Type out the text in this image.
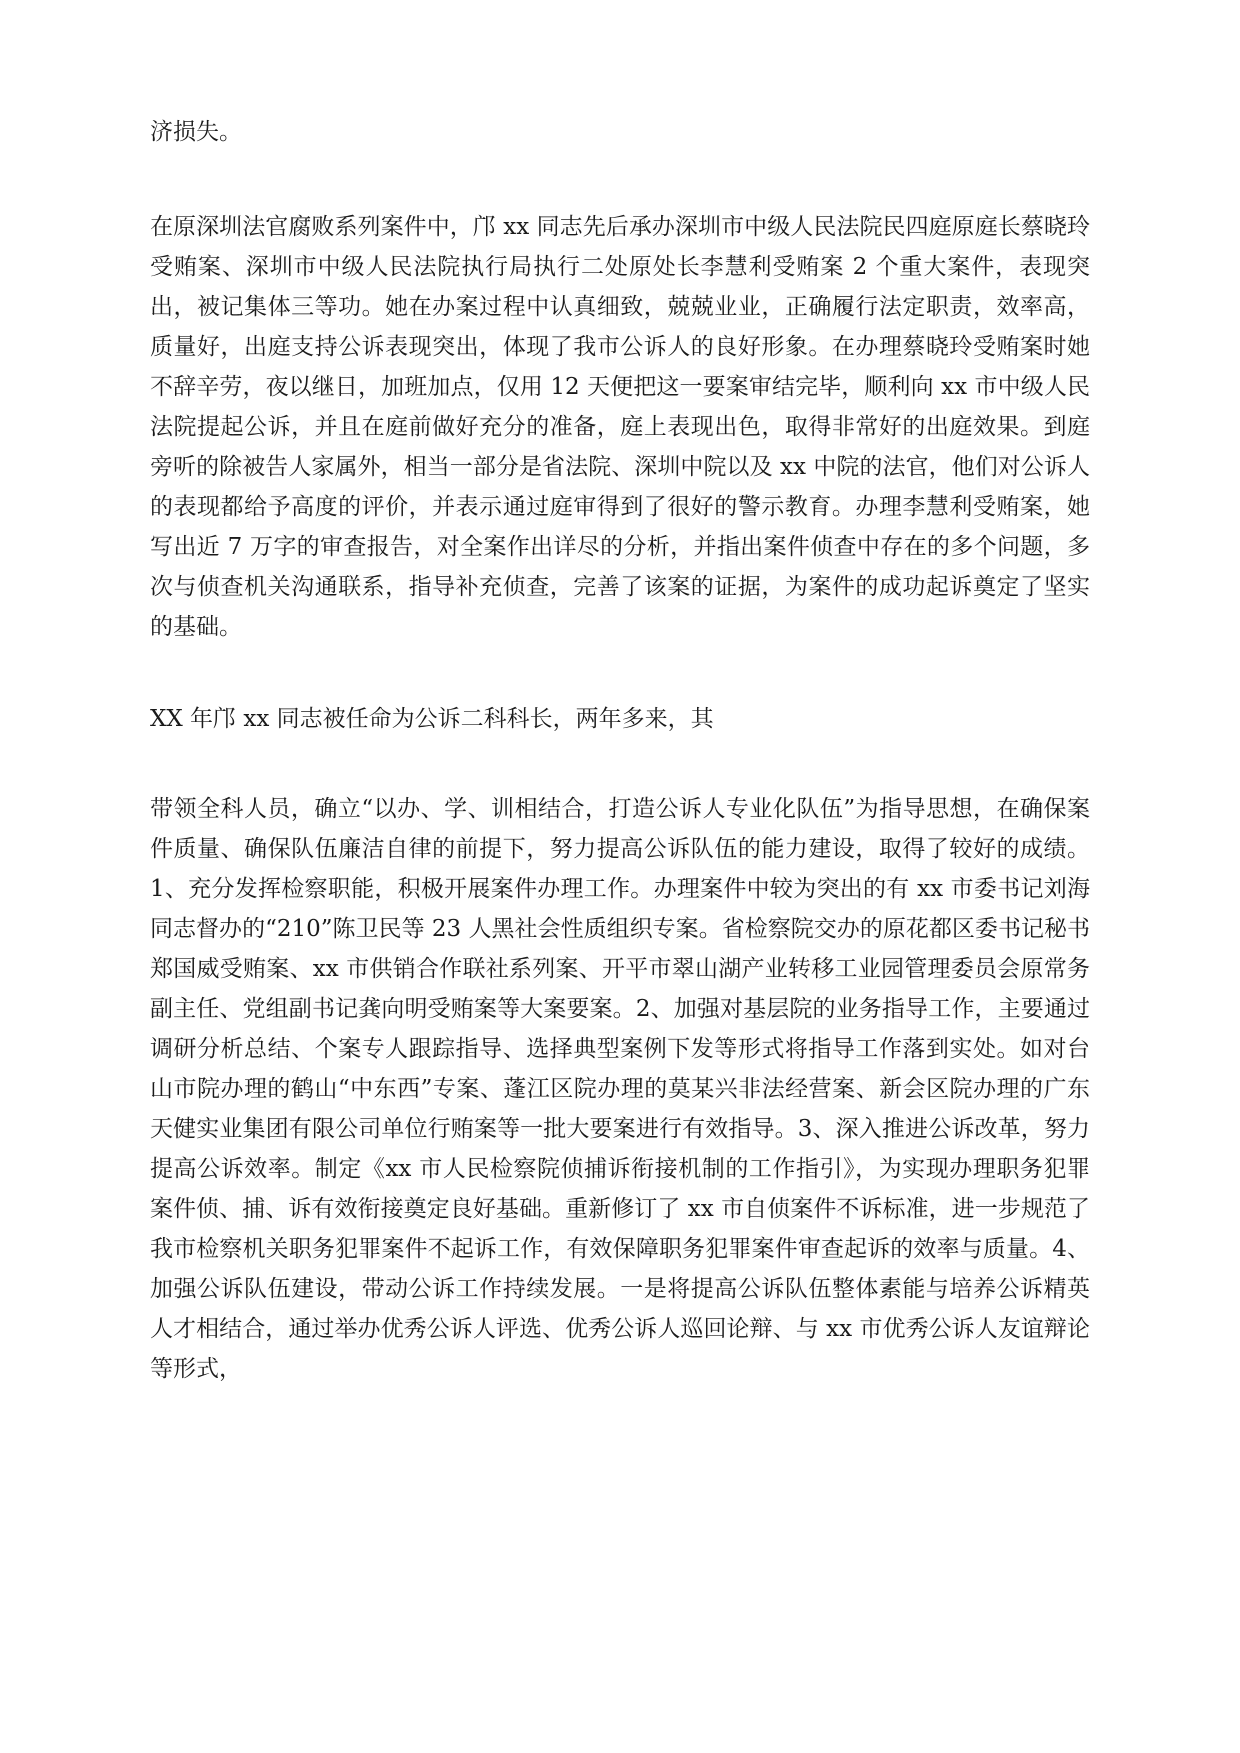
济损失。

在原深圳法官腐败系列案件中，邝 xx 同志先后承办深圳市中级人民法院民四庭原庭长蔡晓玲受贿案、深圳市中级人民法院执行局执行二处原处长李慧利受贿案 2 个重大案件，表现突出，被记集体三等功。她在办案过程中认真细致，兢兢业业，正确履行法定职责，效率高，质量好，出庭支持公诉表现突出，体现了我市公诉人的良好形象。在办理蔡晓玲受贿案时她不辞辛劳，夜以继日，加班加点，仅用 12 天便把这一要案审结完毕，顺利向 xx 市中级人民法院提起公诉，并且在庭前做好充分的准备，庭上表现出色，取得非常好的出庭效果。到庭旁听的除被告人家属外，相当一部分是省法院、深圳中院以及 xx 中院的法官，他们对公诉人的表现都给予高度的评价，并表示通过庭审得到了很好的警示教育。办理李慧利受贿案，她写出近 7 万字的审查报告，对全案作出详尽的分析，并指出案件侦查中存在的多个问题，多次与侦查机关沟通联系，指导补充侦查，完善了该案的证据，为案件的成功起诉奠定了坚实的基础。

XX 年邝 xx 同志被任命为公诉二科科长，两年多来，其

带领全科人员，确立“以办、学、训相结合，打造公诉人专业化队伍”为指导思想，在确保案件质量、确保队伍廉洁自律的前提下，努力提高公诉队伍的能力建设，取得了较好的成绩。1、充分发挥检察职能，积极开展案件办理工作。办理案件中较为突出的有 xx 市委书记刘海同志督办的“210”陈卫民等 23 人黑社会性质组织专案。省检察院交办的原花都区委书记秘书郑国威受贿案、xx 市供销合作联社系列案、开平市翠山湖产业转移工业园管理委员会原常务副主任、党组副书记龚向明受贿案等大案要案。2、加强对基层院的业务指导工作，主要通过调研分析总结、个案专人跟踪指导、选择典型案例下发等形式将指导工作落到实处。如对台山市院办理的鹤山“中东西”专案、蓬江区院办理的莫某兴非法经营案、新会区院办理的广东天健实业集团有限公司单位行贿案等一批大要案进行有效指导。3、深入推进公诉改革，努力提高公诉效率。制定《xx 市人民检察院侦捕诉衔接机制的工作指引》，为实现办理职务犯罪案件侦、捕、诉有效衔接奠定良好基础。重新修订了 xx 市自侦案件不诉标准，进一步规范了我市检察机关职务犯罪案件不起诉工作，有效保障职务犯罪案件审查起诉的效率与质量。4、加强公诉队伍建设，带动公诉工作持续发展。一是将提高公诉队伍整体素能与培养公诉精英人才相结合，通过举办优秀公诉人评选、优秀公诉人巡回论辩、与 xx 市优秀公诉人友谊辩论等形式，
